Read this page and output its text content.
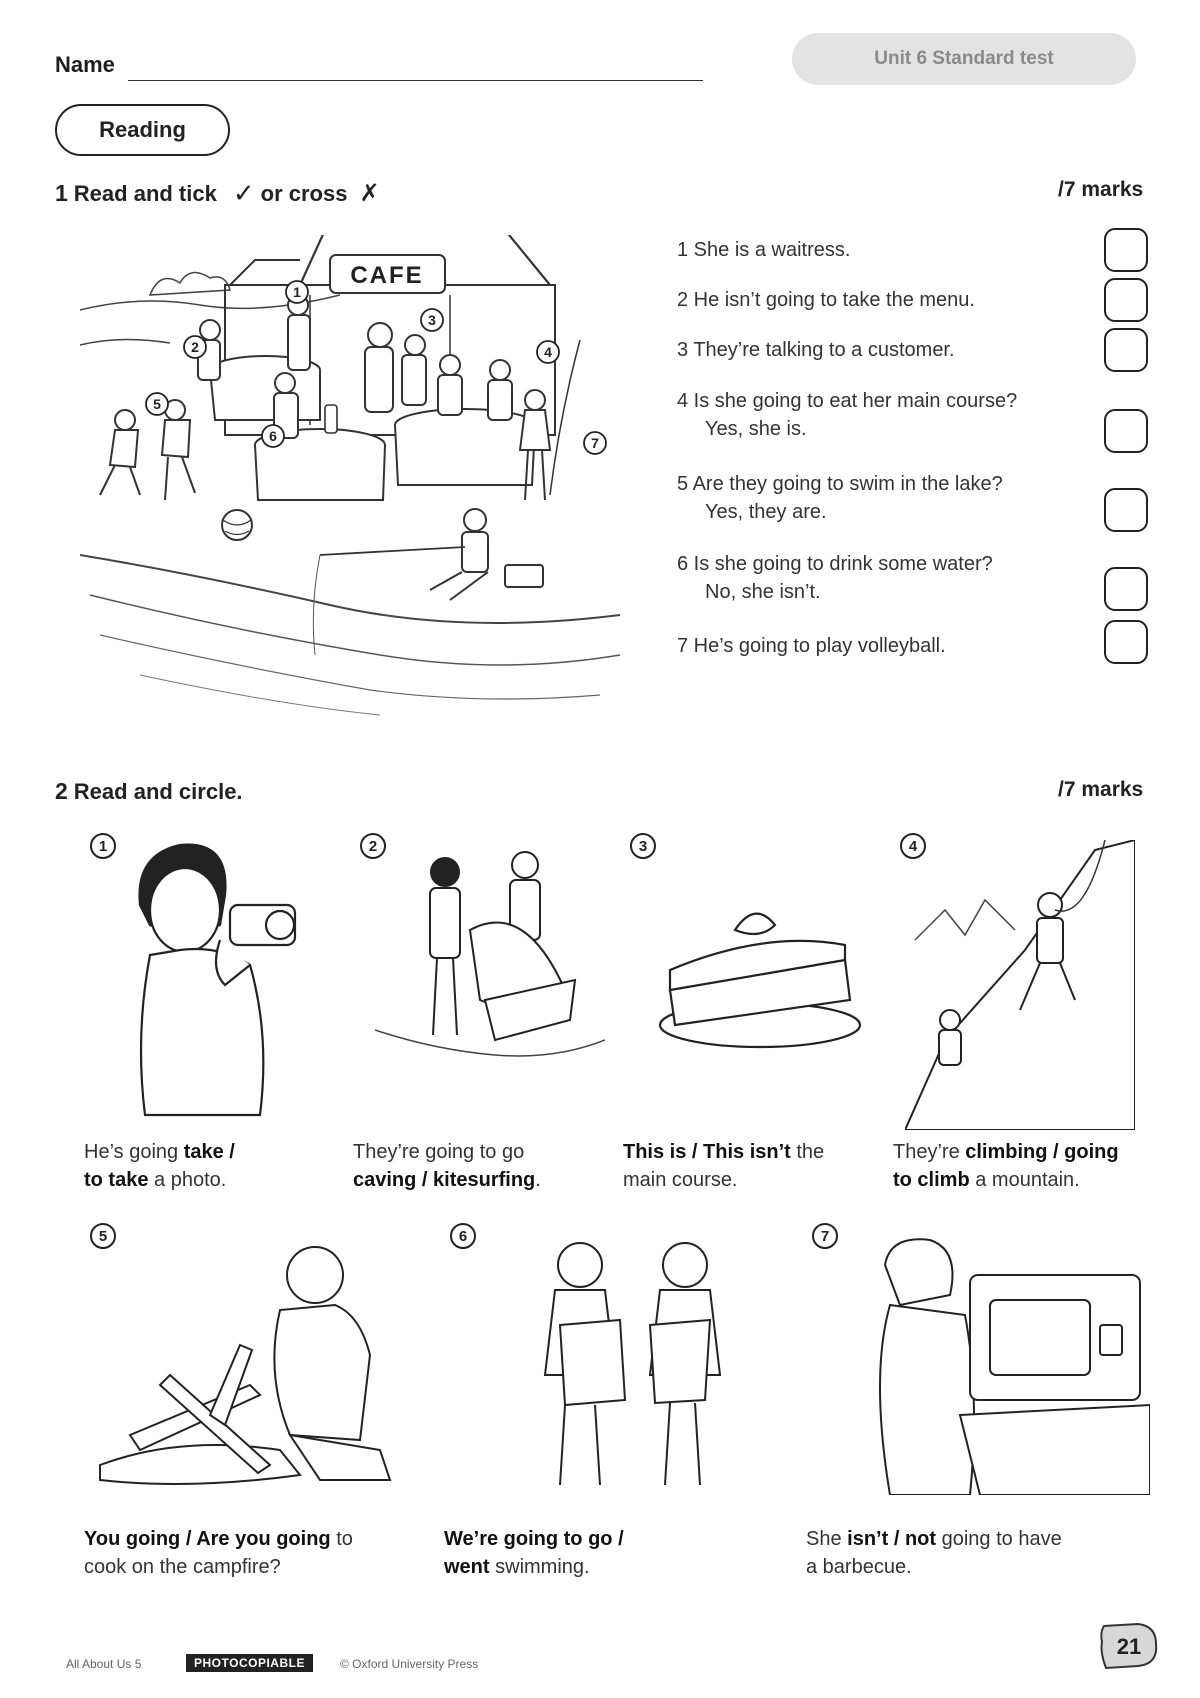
Name	Unit 6 Standard test
Reading
1 Read and tick ✓ or cross ✗	/7 marks
CAFE
1
2
3
4
5
6	7
1 She is a waitress.
2 He isn’t going to take the menu.
3 They’re talking to a customer.
4 Is she going to eat her main course?
Yes, she is.
5 Are they going to swim in the lake?
Yes, they are.
6 Is she going to drink some water?
No, she isn’t.
7 He’s going to play volleyball.
2 Read and circle.	/7 marks
1	2	3	4
He’s going take /
to take a photo.
They’re going to go
caving / kitesurfing.
This is / This isn’t the
main course.
They’re climbing / going
to climb a mountain.
5	6	7
You going / Are you going to
cook on the campfire?
We’re going to go /
went swimming.
She isn’t / not going to have
a barbecue.
All About Us 5	PHOTOCOPIABLE	© Oxford University Press
21
